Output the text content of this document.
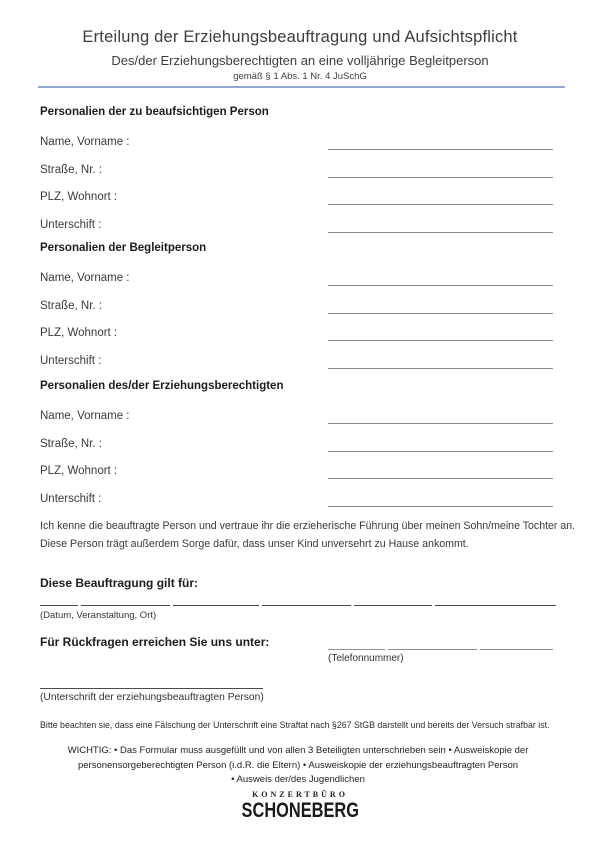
Erteilung der Erziehungsbeauftragung und Aufsichtspflicht
Des/der Erziehungsberechtigten an eine volljährige Begleitperson
gemäß § 1 Abs. 1 Nr. 4 JuSchG
Personalien der zu beaufsichtigen Person
Name, Vorname :
Straße, Nr. :
PLZ, Wohnort :
Unterschift :
Personalien der Begleitperson
Name, Vorname :
Straße, Nr. :
PLZ, Wohnort :
Unterschift :
Personalien des/der Erziehungsberechtigten
Name, Vorname :
Straße, Nr. :
PLZ, Wohnort :
Unterschift :
Ich kenne die beauftragte Person und vertraue ihr die erzieherische Führung über meinen Sohn/meine Tochter an.
Diese Person trägt außerdem Sorge dafür, dass unser Kind unversehrt zu Hause ankommt.
Diese Beauftragung gilt für:
(Datum, Veranstaltung, Ort)
Für Rückfragen erreichen Sie uns unter:
(Telefonnummer)
(Unterschrift der erziehungsbeauftragten Person)
Bitte beachten sie, dass eine Fälschung der Unterschrift eine Straftat nach §267 StGB darstellt und bereits der Versuch strafbar ist.
WICHTIG: • Das Formular muss ausgefüllt und von allen 3 Beteiligten unterschrieben sein • Ausweiskopie der
personensorgeberechtigten Person (i.d.R. die Eltern) • Ausweiskopie der erziehungsbeauftragten Person
• Ausweis der/des Jugendlichen
KONZERTBÜRO
SCHONEBERG
